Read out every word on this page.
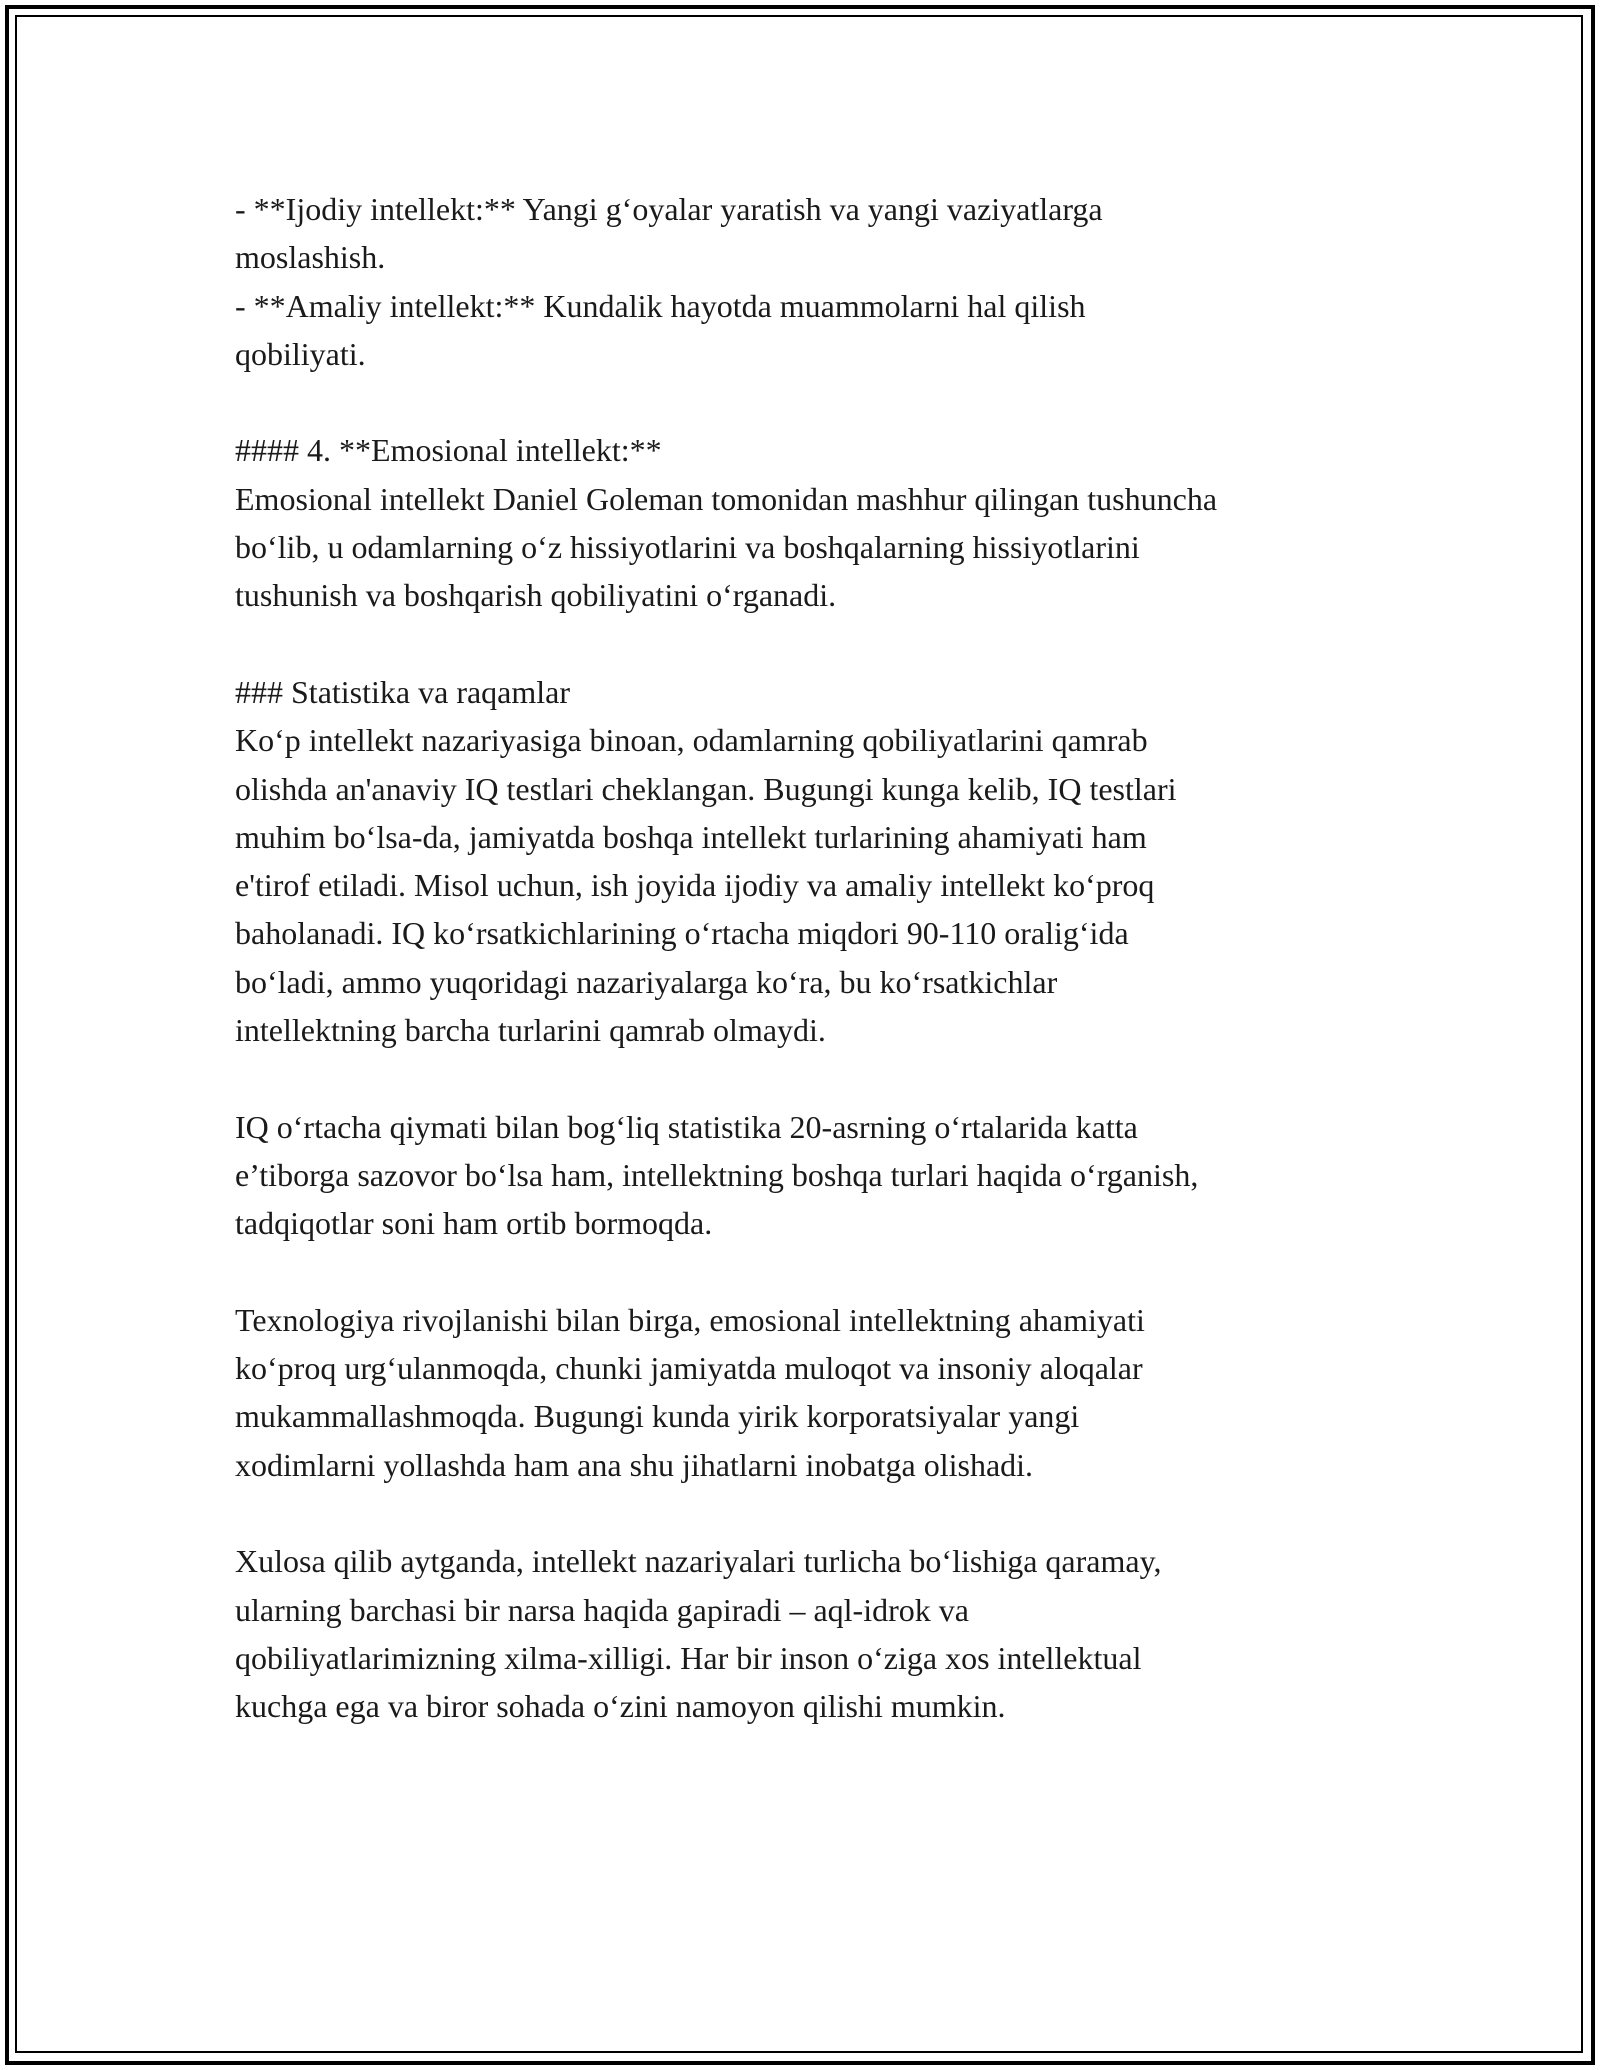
- **Ijodiy intellekt:** Yangi g‘oyalar yaratish va yangi vaziyatlarga
moslashish.
- **Amaliy intellekt:** Kundalik hayotda muammolarni hal qilish
qobiliyati.
#### 4. **Emosional intellekt:**
Emosional intellekt Daniel Goleman tomonidan mashhur qilingan tushuncha
bo‘lib, u odamlarning o‘z hissiyotlarini va boshqalarning hissiyotlarini
tushunish va boshqarish qobiliyatini o‘rganadi.
### Statistika va raqamlar
Ko‘p intellekt nazariyasiga binoan, odamlarning qobiliyatlarini qamrab
olishda an'anaviy IQ testlari cheklangan. Bugungi kunga kelib, IQ testlari
muhim bo‘lsa-da, jamiyatda boshqa intellekt turlarining ahamiyati ham
e'tirof etiladi. Misol uchun, ish joyida ijodiy va amaliy intellekt ko‘proq
baholanadi. IQ ko‘rsatkichlarining o‘rtacha miqdori 90-110 oralig‘ida
bo‘ladi, ammo yuqoridagi nazariyalarga ko‘ra, bu ko‘rsatkichlar
intellektning barcha turlarini qamrab olmaydi.
IQ o‘rtacha qiymati bilan bog‘liq statistika 20-asrning o‘rtalarida katta
e’tiborga sazovor bo‘lsa ham, intellektning boshqa turlari haqida o‘rganish,
tadqiqotlar soni ham ortib bormoqda.
Texnologiya rivojlanishi bilan birga, emosional intellektning ahamiyati
ko‘proq urg‘ulanmoqda, chunki jamiyatda muloqot va insoniy aloqalar
mukammallashmoqda. Bugungi kunda yirik korporatsiyalar yangi
xodimlarni yollashda ham ana shu jihatlarni inobatga olishadi.
Xulosa qilib aytganda, intellekt nazariyalari turlicha bo‘lishiga qaramay,
ularning barchasi bir narsa haqida gapiradi – aql-idrok va
qobiliyatlarimizning xilma-xilligi. Har bir inson o‘ziga xos intellektual
kuchga ega va biror sohada o‘zini namoyon qilishi mumkin.
